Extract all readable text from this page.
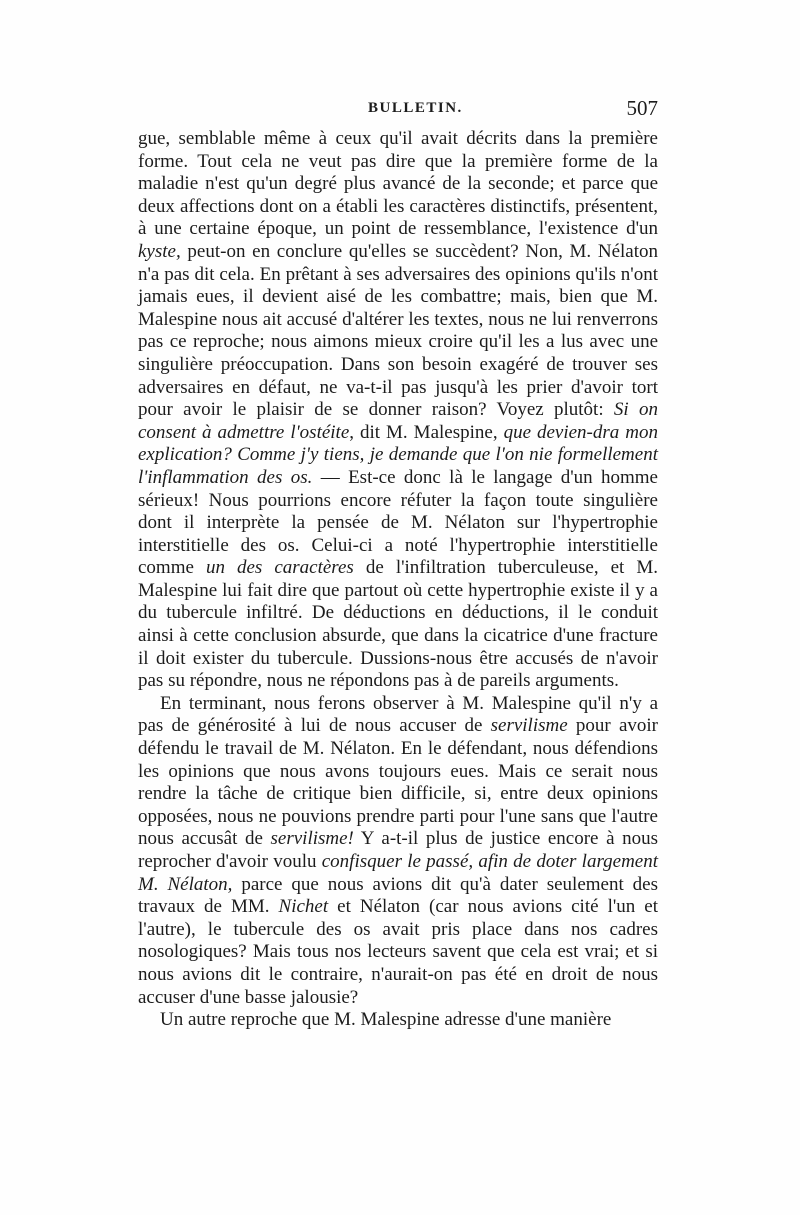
BULLETIN.	507

gue, semblable même à ceux qu'il avait décrits dans la première forme. Tout cela ne veut pas dire que la première forme de la maladie n'est qu'un degré plus avancé de la seconde; et parce que deux affections dont on a établi les caractères distinctifs, présentent, à une certaine époque, un point de ressemblance, l'existence d'un kyste, peut-on en conclure qu'elles se succèdent? Non, M. Nélaton n'a pas dit cela. En prêtant à ses adversaires des opinions qu'ils n'ont jamais eues, il devient aisé de les combattre; mais, bien que M. Malespine nous ait accusé d'altérer les textes, nous ne lui renverrons pas ce reproche; nous aimons mieux croire qu'il les a lus avec une singulière préoccupation. Dans son besoin exagéré de trouver ses adversaires en défaut, ne va-t-il pas jusqu'à les prier d'avoir tort pour avoir le plaisir de se donner raison? Voyez plutôt: Si on consent à admettre l'ostéite, dit M. Malespine, que devien-dra mon explication? Comme j'y tiens, je demande que l'on nie formellement l'inflammation des os. — Est-ce donc là le langage d'un homme sérieux! Nous pourrions encore réfuter la façon toute singulière dont il interprète la pensée de M. Nélaton sur l'hypertrophie interstitielle des os. Celui-ci a noté l'hypertrophie interstitielle comme un des caractères de l'infiltration tuberculeuse, et M. Malespine lui fait dire que partout où cette hypertrophie existe il y a du tubercule infiltré. De déductions en déductions, il le conduit ainsi à cette conclusion absurde, que dans la cicatrice d'une fracture il doit exister du tubercule. Dussions-nous être accusés de n'avoir pas su répondre, nous ne répondons pas à de pareils arguments.

En terminant, nous ferons observer à M. Malespine qu'il n'y a pas de générosité à lui de nous accuser de servilisme pour avoir défendu le travail de M. Nélaton. En le défendant, nous défendions les opinions que nous avons toujours eues. Mais ce serait nous rendre la tâche de critique bien difficile, si, entre deux opinions opposées, nous ne pouvions prendre parti pour l'une sans que l'autre nous accusât de servilisme! Y a-t-il plus de justice encore à nous reprocher d'avoir voulu confisquer le passé, afin de doter largement M. Nélaton, parce que nous avions dit qu'à dater seulement des travaux de MM. Nichet et Nélaton (car nous avions cité l'un et l'autre), le tubercule des os avait pris place dans nos cadres nosologiques? Mais tous nos lecteurs savent que cela est vrai; et si nous avions dit le contraire, n'aurait-on pas été en droit de nous accuser d'une basse jalousie?

Un autre reproche que M. Malespine adresse d'une manière
